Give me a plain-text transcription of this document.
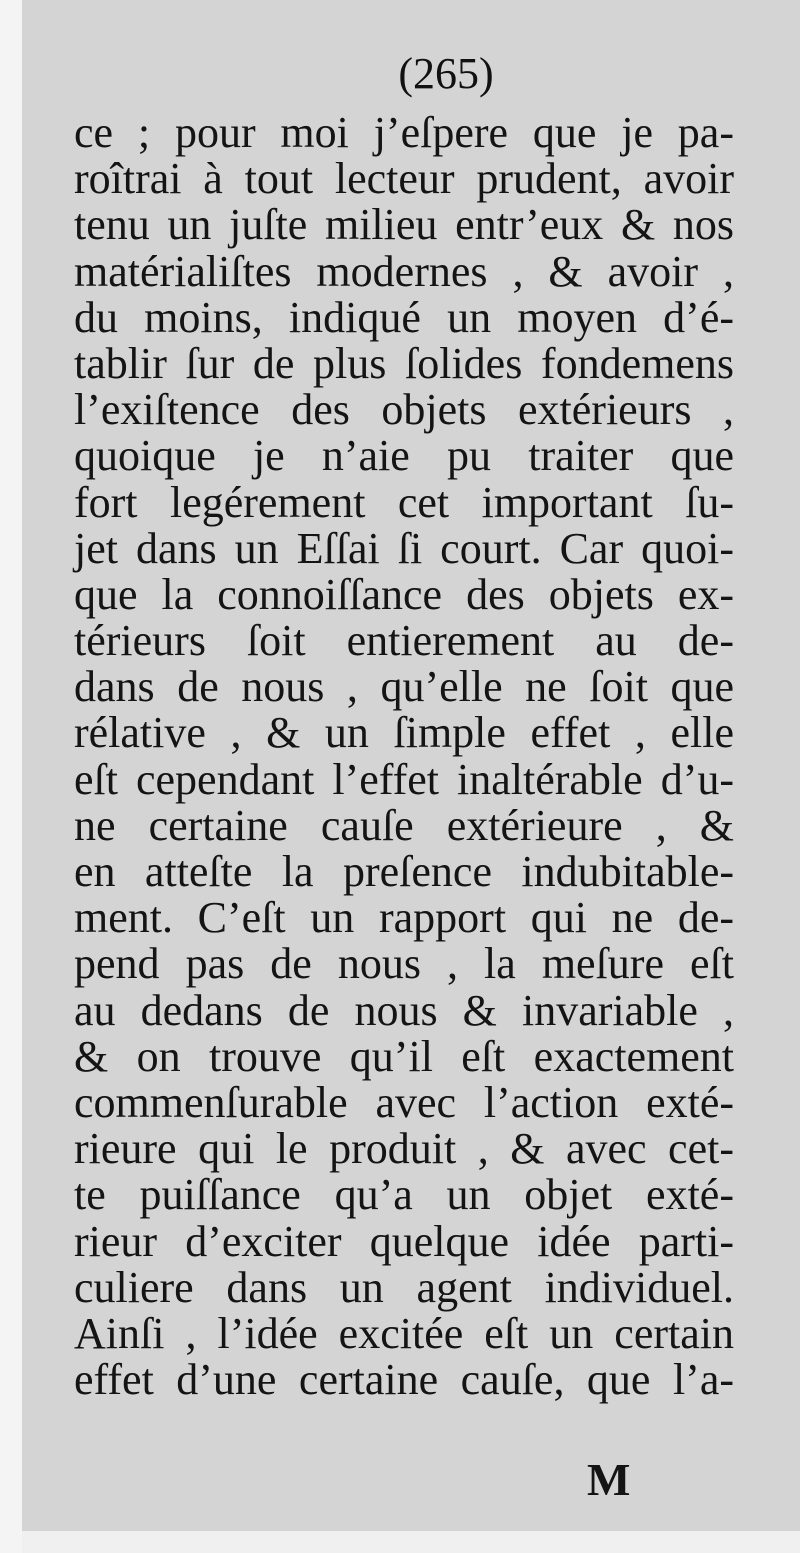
(265)
ce ; pour moi j’eſpere que je pa-
roîtrai à tout lecteur prudent, avoir
tenu un juſte milieu entr’eux & nos
matérialiſtes modernes , & avoir ,
du moins, indiqué un moyen d’é-
tablir ſur de plus ſolides fondemens
l’exiſtence des objets extérieurs ,
quoique je n’aie pu traiter que
fort legérement cet important ſu-
jet dans un Eſſai ſi court. Car quoi-
que la connoiſſance des objets ex-
térieurs ſoit entierement au de-
dans de nous , qu’elle ne ſoit que
rélative , & un ſimple effet , elle
eſt cependant l’effet inaltérable d’u-
ne certaine cauſe extérieure , &
en atteſte la preſence indubitable-
ment. C’eſt un rapport qui ne de-
pend pas de nous , la meſure eſt
au dedans de nous & invariable ,
& on trouve qu’il eſt exactement
commenſurable avec l’action exté-
rieure qui le produit , & avec cet-
te puiſſance qu’a un objet exté-
rieur d’exciter quelque idée parti-
culiere dans un agent individuel.
Ainſi , l’idée excitée eſt un certain
effet d’une certaine cauſe, que l’a-
M
